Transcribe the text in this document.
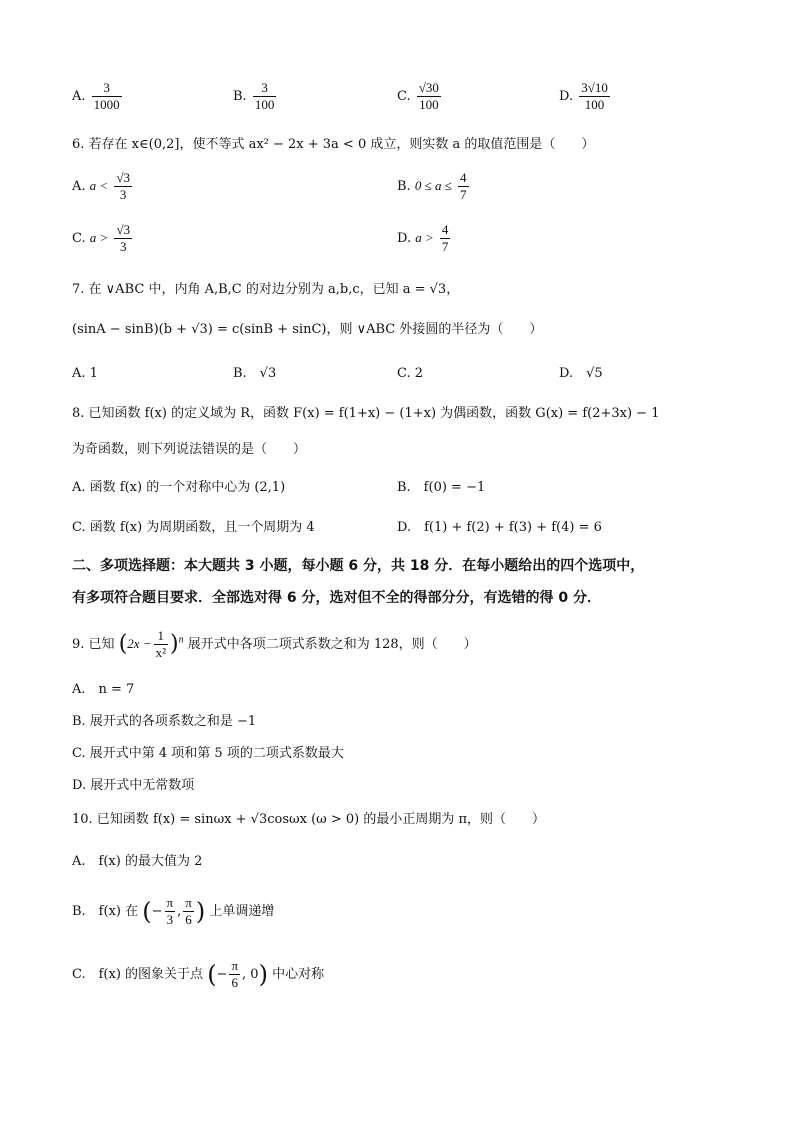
A. $\frac{3}{1000}$	B. $\frac{3}{100}$	C. $\frac{√30}{100}$	D. $\frac{3√10}{100}$
6. 若存在 x∈(0,2]，使不等式 ax² − 2x + 3a < 0 成立，则实数 a 的取值范围是（　　）
A. $a < \frac{√3}{3}$	B. $0 \le a \le \frac{4}{7}$
C. $a > \frac{√3}{3}$	D. $a > \frac{4}{7}$
7. 在 ∨ABC 中，内角 A,B,C 的对边分别为 a,b,c，已知 a = √3，
(sinA − sinB)(b + √3) = c(sinB + sinC)，则 ∨ABC 外接圆的半径为（　　）
A. 1	B.　√3	C. 2	D.　√5
8. 已知函数 f(x) 的定义域为 R，函数 F(x) = f(1+x) − (1+x) 为偶函数，函数 G(x) = f(2+3x) − 1
为奇函数，则下列说法错误的是（　　）
A. 函数 f(x) 的一个对称中心为 (2,1)	B.　f(0) = −1
C. 函数 f(x) 为周期函数，且一个周期为 4	D.　f(1) + f(2) + f(3) + f(4) = 6
二、多项选择题：本大题共 3 小题，每小题 6 分，共 18 分．在每小题给出的四个选项中，
有多项符合题目要求．全部选对得 6 分，选对但不全的得部分分，有选错的得 0 分．
9. 已知 $(2x - \frac{1}{\text{x²}} )^n$ 展开式中各项二项式系数之和为 128，则（　　）
A.　n = 7
B. 展开式的各项系数之和是 −1
C. 展开式中第 4 项和第 5 项的二项式系数最大
D. 展开式中无常数项
10. 已知函数 f(x) = sinωx + √3cosωx (ω > 0) 的最小正周期为 π，则（　　）
A.　f(x) 的最大值为 2
B.　f(x) 在 (− $\frac{\pi}{3}$ , $\frac{\pi}{6}$ ) 上单调递增
C.　f(x) 的图象关于点 (− $\frac{\pi}{6}$ , 0) 中心对称
